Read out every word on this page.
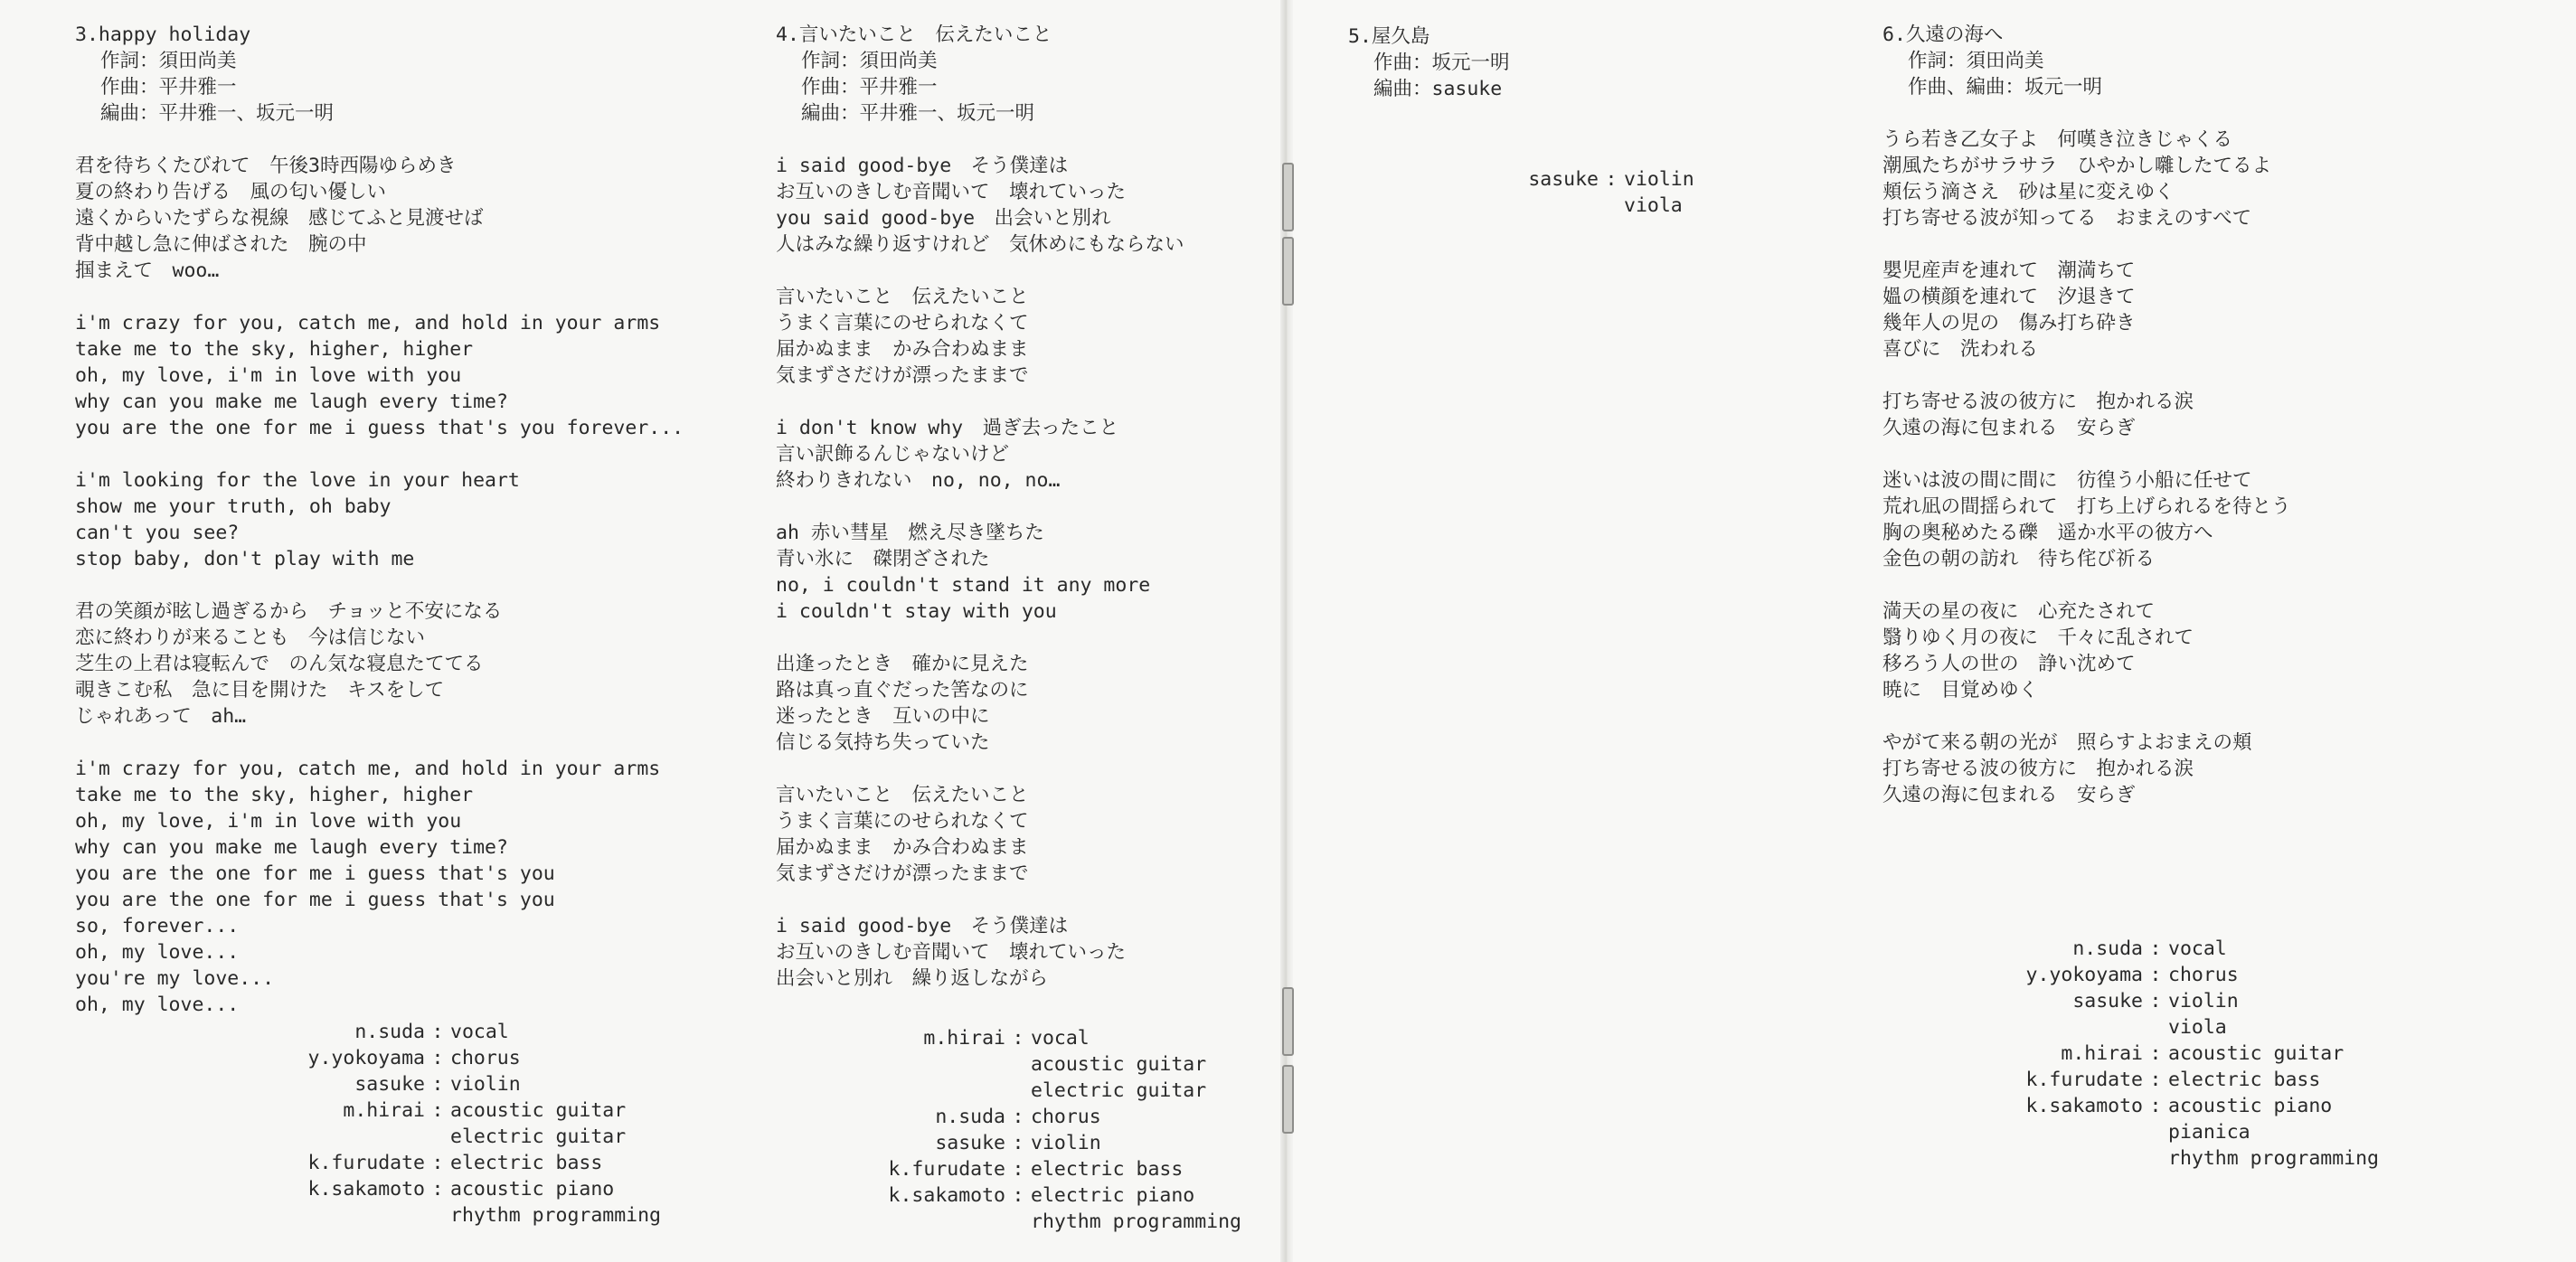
3.happy holiday
作詞：須田尚美
作曲：平井雅一
編曲：平井雅一、坂元一明
君を待ちくたびれて　午後3時西陽ゆらめき
夏の終わり告げる　風の匂い優しい
遠くからいたずらな視線　感じてふと見渡せば
背中越し急に伸ばされた　腕の中
掴まえて　woo…
i'm crazy for you, catch me, and hold in your arms
take me to the sky, higher, higher
oh, my love, i'm in love with you
why can you make me laugh every time?
you are the one for me i guess that's you forever...
i'm looking for the love in your heart
show me your truth, oh baby
can't you see?
stop baby, don't play with me
君の笑顔が眩し過ぎるから　チョッと不安になる
恋に終わりが来ることも　今は信じない
芝生の上君は寝転んで　のん気な寝息たててる
覗きこむ私　急に目を開けた　キスをして
じゃれあって　ah…
i'm crazy for you, catch me, and hold in your arms
take me to the sky, higher, higher
oh, my love, i'm in love with you
why can you make me laugh every time?
you are the one for me i guess that's you
you are the one for me i guess that's you
so, forever...
oh, my love...
you're my love...
oh, my love...
n.suda : vocal
y.yokoyama : chorus
sasuke : violin
m.hirai : acoustic guitar
electric guitar
k.furudate : electric bass
k.sakamoto : acoustic piano
rhythm programming
4.言いたいこと　伝えたいこと
作詞：須田尚美
作曲：平井雅一
編曲：平井雅一、坂元一明
i said good-bye　そう僕達は
お互いのきしむ音聞いて　壊れていった
you said good-bye　出会いと別れ
人はみな繰り返すけれど　気休めにもならない
言いたいこと　伝えたいこと
うまく言葉にのせられなくて
届かぬまま　かみ合わぬまま
気まずさだけが漂ったままで
i don't know why　過ぎ去ったこと
言い訳飾るんじゃないけど
終わりきれない　no, no, no…
ah 赤い彗星　燃え尽き墜ちた
青い氷に　磔閉ざされた
no, i couldn't stand it any more
i couldn't stay with you
出逢ったとき　確かに見えた
路は真っ直ぐだった筈なのに
迷ったとき　互いの中に
信じる気持ち失っていた
言いたいこと　伝えたいこと
うまく言葉にのせられなくて
届かぬまま　かみ合わぬまま
気まずさだけが漂ったままで
i said good-bye　そう僕達は
お互いのきしむ音聞いて　壊れていった
出会いと別れ　繰り返しながら
m.hirai : vocal
acoustic guitar
electric guitar
n.suda : chorus
sasuke : violin
k.furudate : electric bass
k.sakamoto : electric piano
rhythm programming
5.屋久島
作曲：坂元一明
編曲：sasuke
sasuke : violin
viola
6.久遠の海へ
作詞：須田尚美
作曲、編曲：坂元一明
うら若き乙女子よ　何嘆き泣きじゃくる
潮風たちがサラサラ　ひやかし囃したてるよ
頬伝う滴さえ　砂は星に変えゆく
打ち寄せる波が知ってる　おまえのすべて
嬰児産声を連れて　潮満ちて
媼の横顔を連れて　汐退きて
幾年人の児の　傷み打ち砕き
喜びに　洗われる
打ち寄せる波の彼方に　抱かれる涙
久遠の海に包まれる　安らぎ
迷いは波の間に間に　彷徨う小船に任せて
荒れ凪の間揺られて　打ち上げられるを待とう
胸の奥秘めたる礫　遥か水平の彼方へ
金色の朝の訪れ　待ち侘び祈る
満天の星の夜に　心充たされて
翳りゆく月の夜に　千々に乱されて
移ろう人の世の　諍い沈めて
暁に　目覚めゆく
やがて来る朝の光が　照らすよおまえの頬
打ち寄せる波の彼方に　抱かれる涙
久遠の海に包まれる　安らぎ
n.suda : vocal
y.yokoyama : chorus
sasuke : violin
viola
m.hirai : acoustic guitar
k.furudate : electric bass
k.sakamoto : acoustic piano
pianica
rhythm programming
